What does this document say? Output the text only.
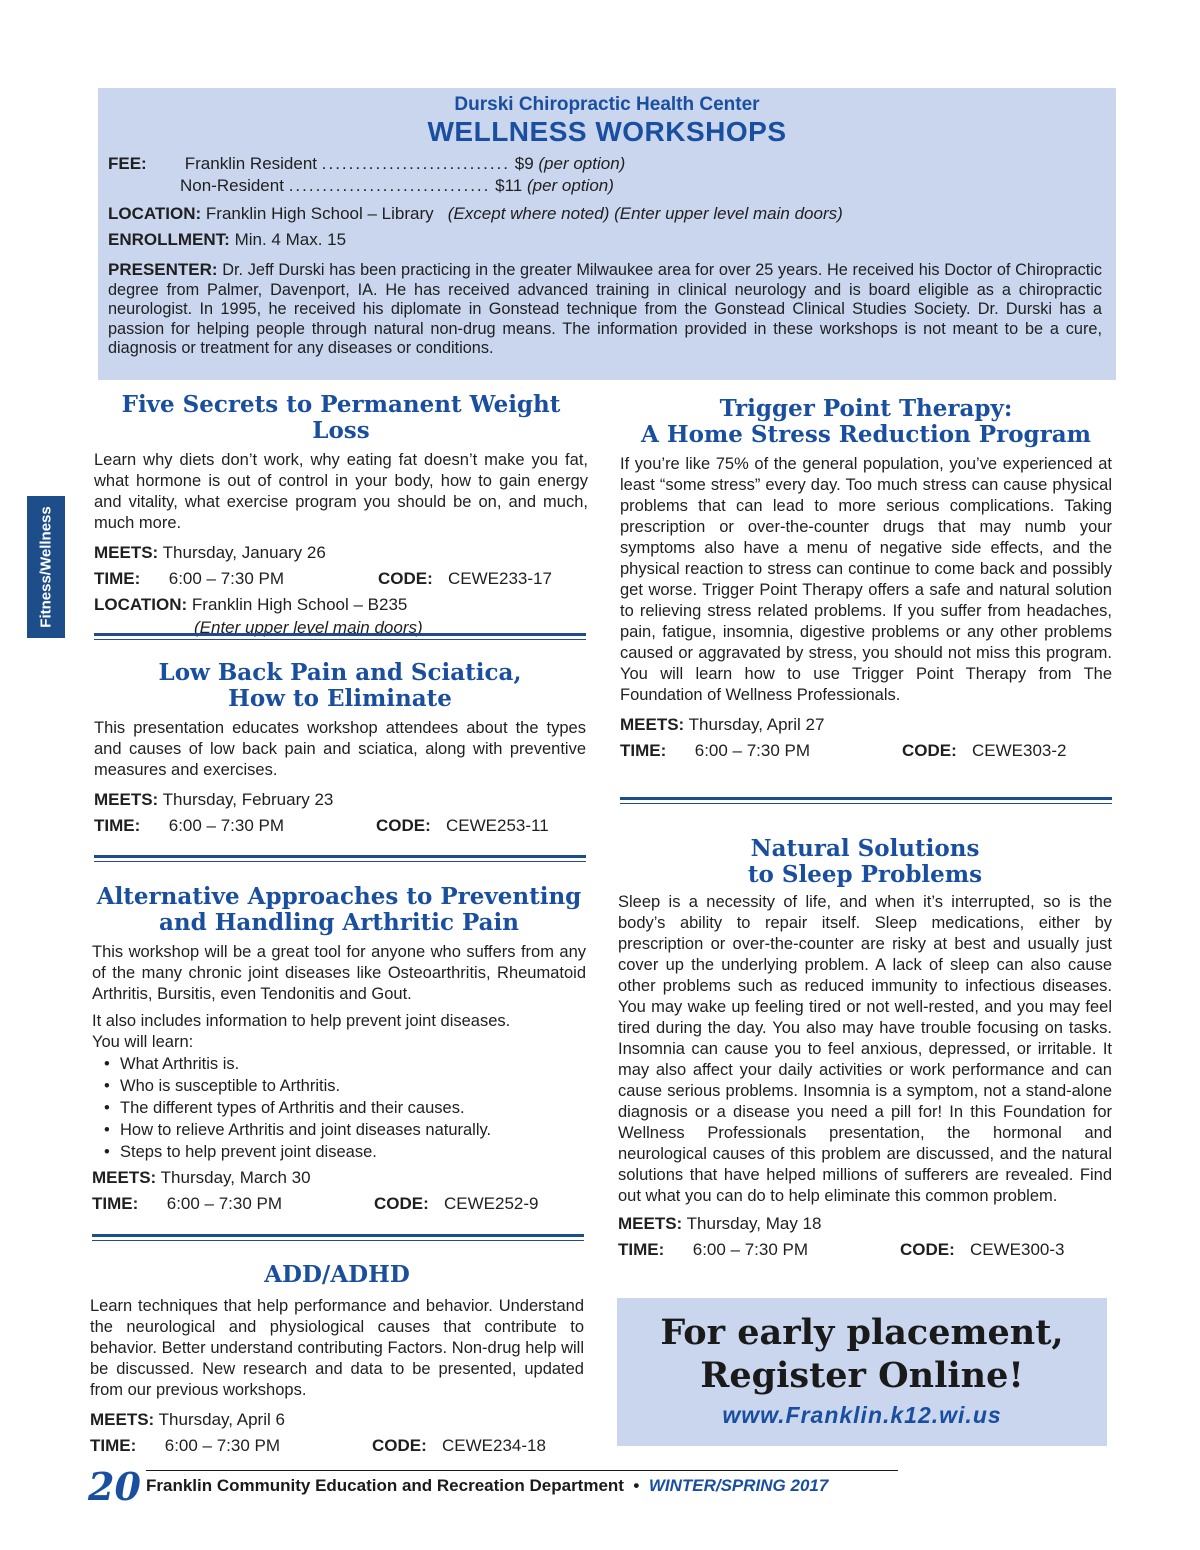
Durski Chiropractic Health Center
WELLNESS WORKSHOPS
FEE: Franklin Resident ............................ $9 (per option)
Non-Resident .............................. $11 (per option)
LOCATION: Franklin High School – Library (Except where noted) (Enter upper level main doors)
ENROLLMENT: Min. 4 Max. 15
PRESENTER: Dr. Jeff Durski has been practicing in the greater Milwaukee area for over 25 years. He received his Doctor of Chiropractic degree from Palmer, Davenport, IA. He has received advanced training in clinical neurology and is board eligible as a chiropractic neurologist. In 1995, he received his diplomate in Gonstead technique from the Gonstead Clinical Studies Society. Dr. Durski has a passion for helping people through natural non-drug means. The information provided in these workshops is not meant to be a cure, diagnosis or treatment for any diseases or conditions.
Fitness/Wellness
Five Secrets to Permanent Weight Loss

Learn why diets don’t work, why eating fat doesn’t make you fat, what hormone is out of control in your body, how to gain energy and vitality, what exercise program you should be on, and much, much more.

MEETS: Thursday, January 26
TIME: 6:00 – 7:30 PM	CODE: CEWE233-17
LOCATION: Franklin High School – B235
(Enter upper level main doors)
Low Back Pain and Sciatica,
How to Eliminate

This presentation educates workshop attendees about the types and causes of low back pain and sciatica, along with preventive measures and exercises.

MEETS: Thursday, February 23
TIME: 6:00 – 7:30 PM	CODE: CEWE253-11
Alternative Approaches to Preventing
and Handling Arthritic Pain

This workshop will be a great tool for anyone who suffers from any of the many chronic joint diseases like Osteoarthritis, Rheumatoid Arthritis, Bursitis, even Tendonitis and Gout.

It also includes information to help prevent joint diseases.

You will learn:

• What Arthritis is.
• Who is susceptible to Arthritis.
• The different types of Arthritis and their causes.
• How to relieve Arthritis and joint diseases naturally.
• Steps to help prevent joint disease.
MEETS: Thursday, March 30
TIME: 6:00 – 7:30 PM	CODE: CEWE252-9
ADD/ADHD

Learn techniques that help performance and behavior. Understand the neurological and physiological causes that contribute to behavior. Better understand contributing Factors. Non-drug help will be discussed. New research and data to be presented, updated from our previous workshops.

MEETS: Thursday, April 6
TIME: 6:00 – 7:30 PM	CODE: CEWE234-18
Trigger Point Therapy:
A Home Stress Reduction Program

If you’re like 75% of the general population, you’ve experienced at least “some stress” every day. Too much stress can cause physical problems that can lead to more serious complications. Taking prescription or over-the-counter drugs that may numb your symptoms also have a menu of negative side effects, and the physical reaction to stress can continue to come back and possibly get worse. Trigger Point Therapy offers a safe and natural solution to relieving stress related problems. If you suffer from headaches, pain, fatigue, insomnia, digestive problems or any other problems caused or aggravated by stress, you should not miss this program. You will learn how to use Trigger Point Therapy from The Foundation of Wellness Professionals.

MEETS: Thursday, April 27
TIME: 6:00 – 7:30 PM	CODE: CEWE303-2
Natural Solutions
to Sleep Problems

Sleep is a necessity of life, and when it’s interrupted, so is the body’s ability to repair itself. Sleep medications, either by prescription or over-the-counter are risky at best and usually just cover up the underlying problem. A lack of sleep can also cause other problems such as reduced immunity to infectious diseases. You may wake up feeling tired or not well-rested, and you may feel tired during the day. You also may have trouble focusing on tasks. Insomnia can cause you to feel anxious, depressed, or irritable. It may also affect your daily activities or work performance and can cause serious problems. Insomnia is a symptom, not a stand-alone diagnosis or a disease you need a pill for! In this Foundation for Wellness Professionals presentation, the hormonal and neurological causes of this problem are discussed, and the natural solutions that have helped millions of sufferers are revealed. Find out what you can do to help eliminate this common problem.

MEETS: Thursday, May 18
TIME: 6:00 – 7:30 PM	CODE: CEWE300-3
For early placement,
Register Online!
www.Franklin.k12.wi.us
20 Franklin Community Education and Recreation Department • WINTER/SPRING 2017
